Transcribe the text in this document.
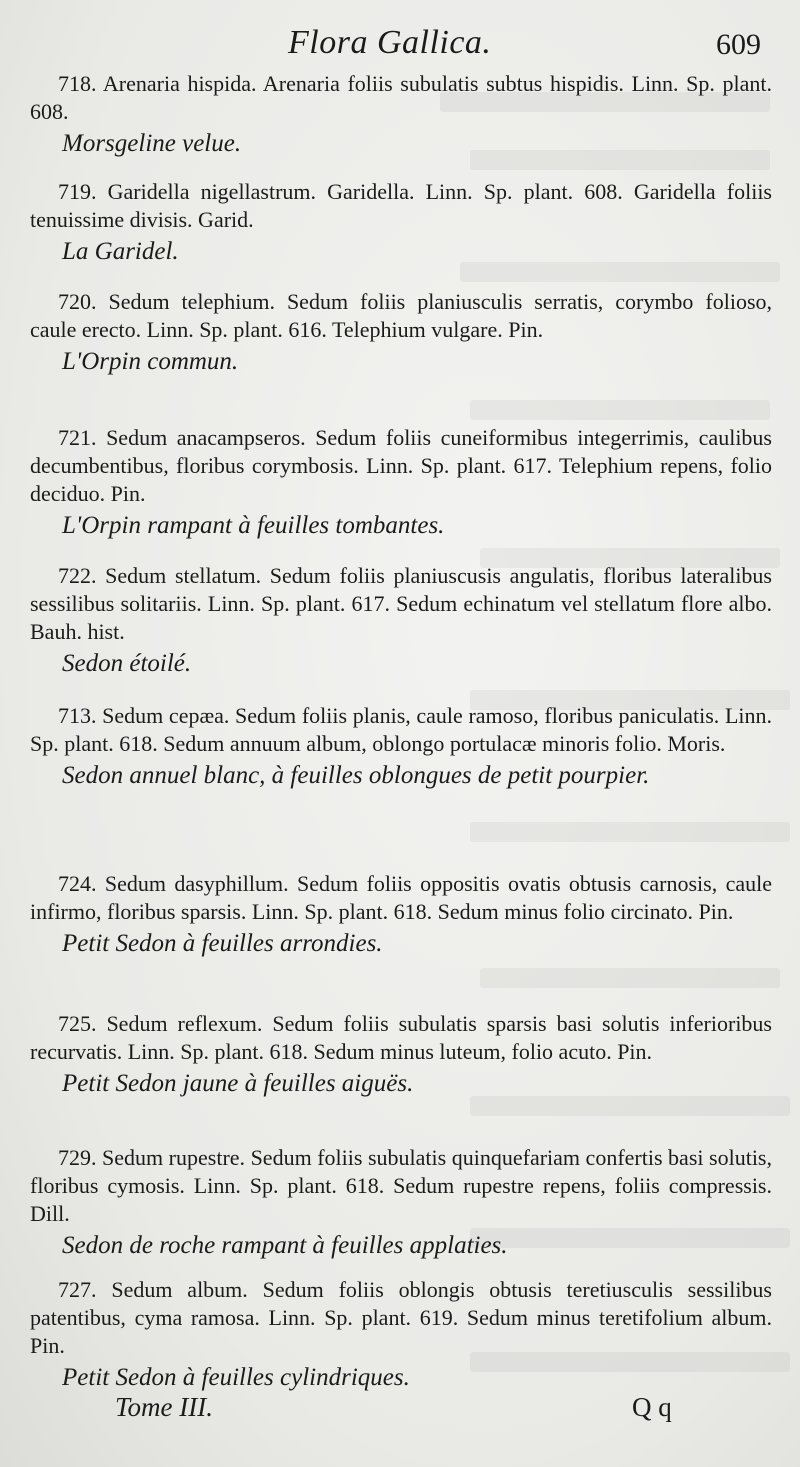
Flora Gallica.	609

718. Arenaria hispida. Arenaria foliis subulatis subtus hispidis. Linn. Sp. plant. 608.

Morsgeline velue.

719. Garidella nigellastrum. Garidella. Linn. Sp. plant. 608. Garidella foliis tenuissime divisis. Garid.

La Garidel.

720. Sedum telephium. Sedum foliis planiusculis serratis, corymbo folioso, caule erecto. Linn. Sp. plant. 616. Telephium vulgare. Pin.

L'Orpin commun.

721. Sedum anacampseros. Sedum foliis cuneiformibus integerrimis, caulibus decumbentibus, floribus corymbosis. Linn. Sp. plant. 617. Telephium repens, folio deciduo. Pin.

L'Orpin rampant à feuilles tombantes.

722. Sedum stellatum. Sedum foliis planiuscusis angulatis, floribus lateralibus sessilibus solitariis. Linn. Sp. plant. 617. Sedum echinatum vel stellatum flore albo. Bauh. hist.

Sedon étoilé.

713. Sedum cepæa. Sedum foliis planis, caule ramoso, floribus paniculatis. Linn. Sp. plant. 618. Sedum annuum album, oblongo portulacæ minoris folio. Moris.

Sedon annuel blanc, à feuilles oblongues de petit pourpier.

724. Sedum dasyphillum. Sedum foliis oppositis ovatis obtusis carnosis, caule infirmo, floribus sparsis. Linn. Sp. plant. 618. Sedum minus folio circinato. Pin.

Petit Sedon à feuilles arrondies.

725. Sedum reflexum. Sedum foliis subulatis sparsis basi solutis inferioribus recurvatis. Linn. Sp. plant. 618. Sedum minus luteum, folio acuto. Pin.

Petit Sedon jaune à feuilles aiguës.

729. Sedum rupestre. Sedum foliis subulatis quinquefariam confertis basi solutis, floribus cymosis. Linn. Sp. plant. 618. Sedum rupestre repens, foliis compressis. Dill.

Sedon de roche rampant à feuilles applaties.

727. Sedum album. Sedum foliis oblongis obtusis teretiusculis sessilibus patentibus, cyma ramosa. Linn. Sp. plant. 619. Sedum minus teretifolium album. Pin.

Petit Sedon à feuilles cylindriques.

Tome III.	Q q
